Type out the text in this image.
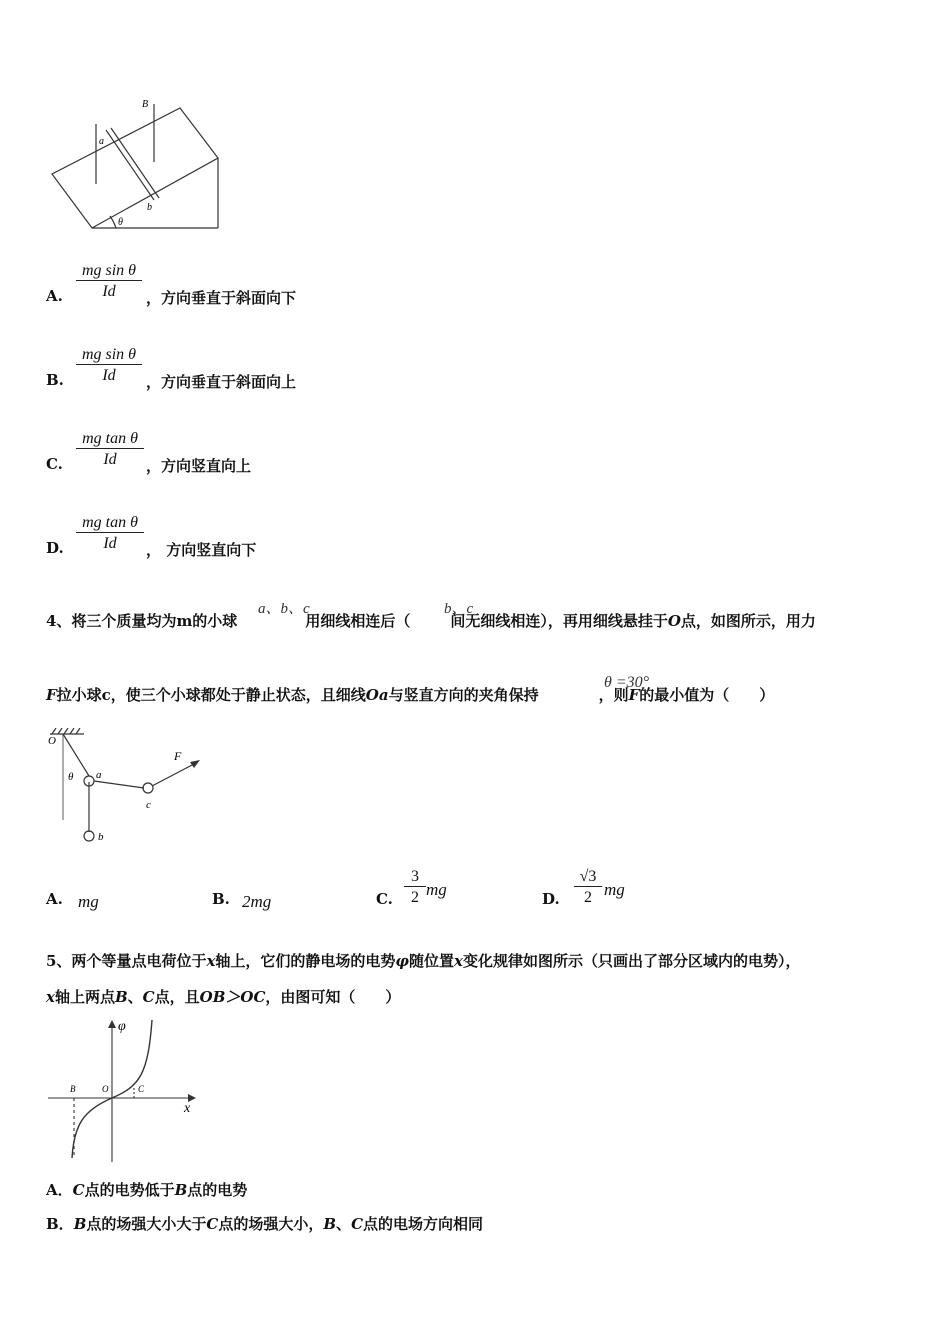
B
a
b
θ
A. $\frac{\text{mg sin θ}}{Id}$ ，方向垂直于斜面向下
B. $\frac{\text{mg sin θ}}{Id}$ ，方向垂直于斜面向上
C. $\frac{\text{mg tan θ}}{Id}$ ，方向竖直向上
D. $\frac{\text{mg tan θ}}{Id}$ ， 方向竖直向下
4、将三个质量均为m的小球	用细线相连后（	间无细线相连），再用细线悬挂于O点，如图所示，用力
a、b、c	b、c
F拉小球c，使三个小球都处于静止状态，且细线Oa与竖直方向的夹角保持	，则F的最小值为（　　）
θ =30°
O
θ a
b
c
F
A. mg	B. 2mg	C. $\frac{3}{2}$ mg	D. $\frac{√3}{2}$ mg
5、两个等量点电荷位于x轴上，它们的静电场的电势φ随位置x变化规律如图所示（只画出了部分区域内的电势），
x轴上两点B、C点，且OB＞OC，由图可知（　　）
φ
x
B	O	C
A．C点的电势低于B点的电势
B．B点的场强大小大于C点的场强大小，B、C点的电场方向相同
